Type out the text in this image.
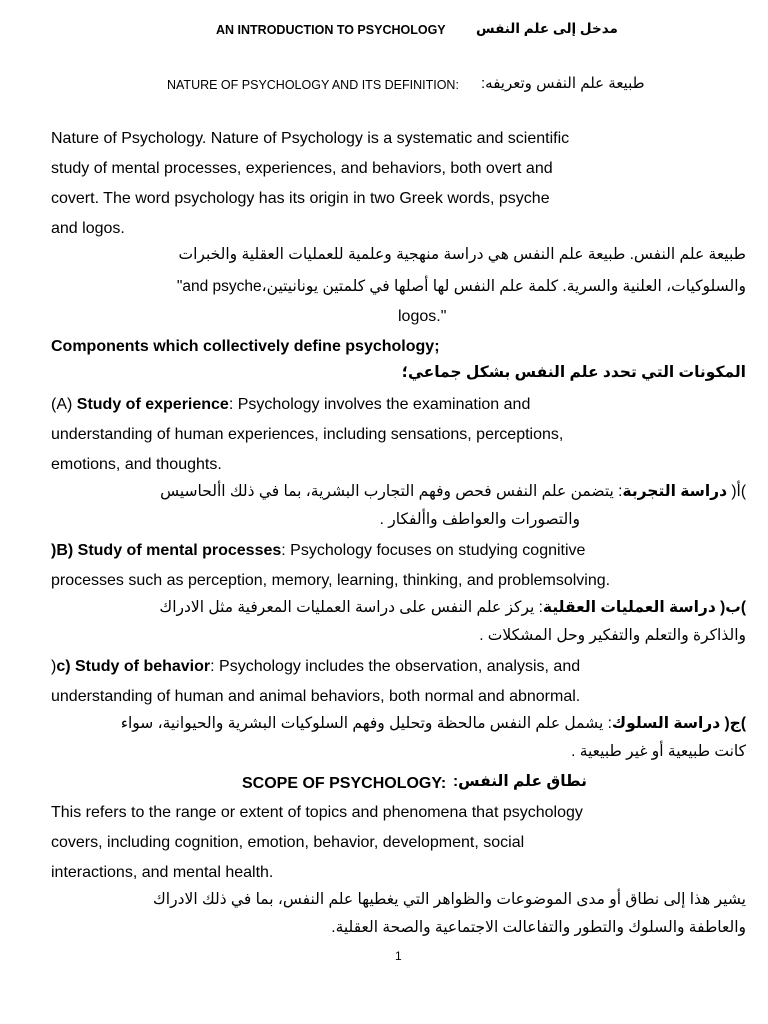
AN INTRODUCTION TO PSYCHOLOGY مدخل إلى علم النفس
NATURE OF PSYCHOLOGY AND ITS DEFINITION: طبيعة علم النفس وتعريفه:
Nature of Psychology. Nature of Psychology is a systematic and scientific
study of mental processes, experiences, and behaviors, both overt and
covert. The word psychology has its origin in two Greek words, psyche
and logos.
طبيعة علم النفس. طبيعة علم النفس هي دراسة منهجية وعلمية للعمليات العقلية والخبرات
والسلوكيات، العلنية والسرية. كلمة علم النفس لها أصلها في كلمتين يونانيتين،"and psyche
logos."
Components which collectively define psychology;
المكونات التي تحدد علم النفس بشكل جماعي؛
(A) Study of experience: Psychology involves the examination and
understanding of human experiences, including sensations, perceptions,
emotions, and thoughts.
)أ( دراسة التجربة: يتضمن علم النفس فحص وفهم التجارب البشرية، بما في ذلك األحاسيس
والتصورات والعواطف واألفكار .
)B) Study of mental processes: Psychology focuses on studying cognitive
processes such as perception, memory, learning, thinking, and problemsolving.
)ب( دراسة العمليات العقلية: يركز علم النفس على دراسة العمليات المعرفية مثل الادراك
والذاكرة والتعلم والتفكير وحل المشكلات .
)c) Study of behavior: Psychology includes the observation, analysis, and
understanding of human and animal behaviors, both normal and abnormal.
)ج( دراسة السلوك: يشمل علم النفس مالحظة وتحليل وفهم السلوكيات البشرية والحيوانية، سواء
كانت طبيعية أو غير طبيعية .
SCOPE OF PSYCHOLOGY: نطاق علم النفس:
This refers to the range or extent of topics and phenomena that psychology
covers, including cognition, emotion, behavior, development, social
interactions, and mental health.
يشير هذا إلى نطاق أو مدى الموضوعات والظواهر التي يغطيها علم النفس، بما في ذلك الادراك
والعاطفة والسلوك والتطور والتفاعالت الاجتماعية والصحة العقلية.
1
